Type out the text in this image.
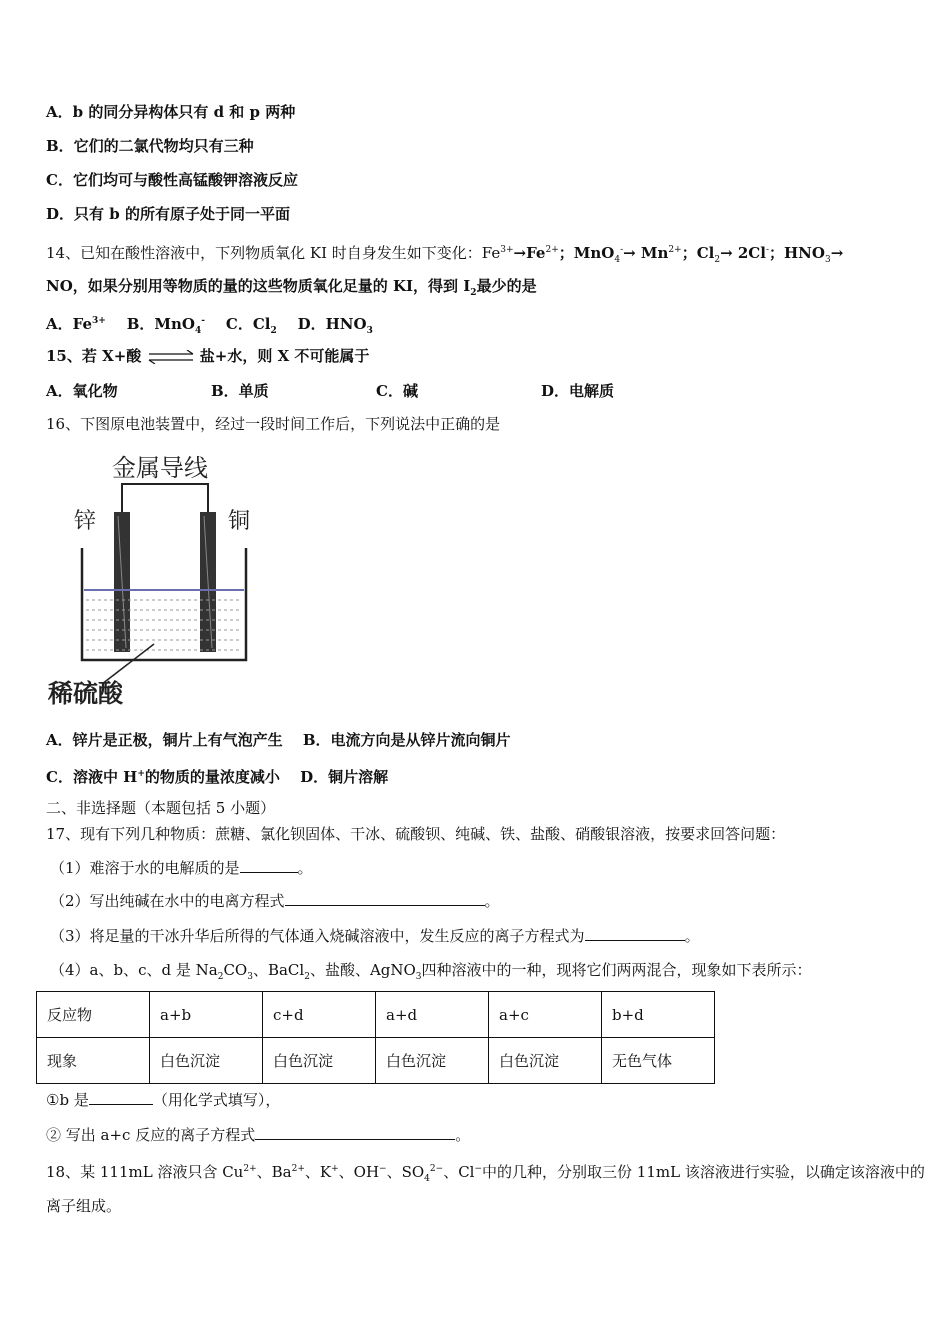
A．b 的同分异构体只有 d 和 p 两种
B．它们的二氯代物均只有三种
C．它们均可与酸性高锰酸钾溶液反应
D．只有 b 的所有原子处于同一平面
14、已知在酸性溶液中，下列物质氧化 KI 时自身发生如下变化：$Fe^{3+}\to Fe^{2+}$；$MnO_4^-\to Mn^{2+}$；$Cl_2\to 2Cl^-$；$HNO_3\to$
NO，如果分别用等物质的量的这些物质氧化足量的 KI，得到 $I_2$最少的是
A．$Fe^{3+}$ B．MnO$_4$- C．$Cl_2$ D．$HNO_3$
15、若 X+酸 ⇌ 盐+水，则 X 不可能属于
A．氧化物	B．单质	C．碱	D．电解质
16、下图原电池装置中，经过一段时间工作后，下列说法中正确的是
金属导线
锌	铜
稀硫酸
A．锌片是正极，铜片上有气泡产生 　B．电流方向是从锌片流向铜片
C．溶液中 H+的物质的量浓度减小 　D．铜片溶解
二、非选择题（本题包括 5 小题）
17、现有下列几种物质：蔗糖、氯化钡固体、干冰、硫酸钡、纯碱、铁、盐酸、硝酸银溶液，按要求回答问题：
（1）难溶于水的电解质的是	。
（2）写出纯碱在水中的电离方程式	。
（3）将足量的干冰升华后所得的气体通入烧碱溶液中，发生反应的离子方程式为	。
（4）a、b、c、d 是 $Na_2CO_3$、BaCl$_2$、盐酸、AgNO$_3$四种溶液中的一种，现将它们两两混合，现象如下表所示：
反应物	a+b	c+d	a+d	a+c	b+d
现象	白色沉淀	白色沉淀	白色沉淀	白色沉淀	无色气体
①b 是	（用化学式填写），
② 写出 a+c 反应的离子方程式	。
18、某 111mL 溶液只含 $Cu^{2+}$、$Ba^{2+}$、K+、OH−、$SO_4^{2-}$、Cl−中的几种，分别取三份 11mL 该溶液进行实验，以确定该溶液中的
离子组成。
